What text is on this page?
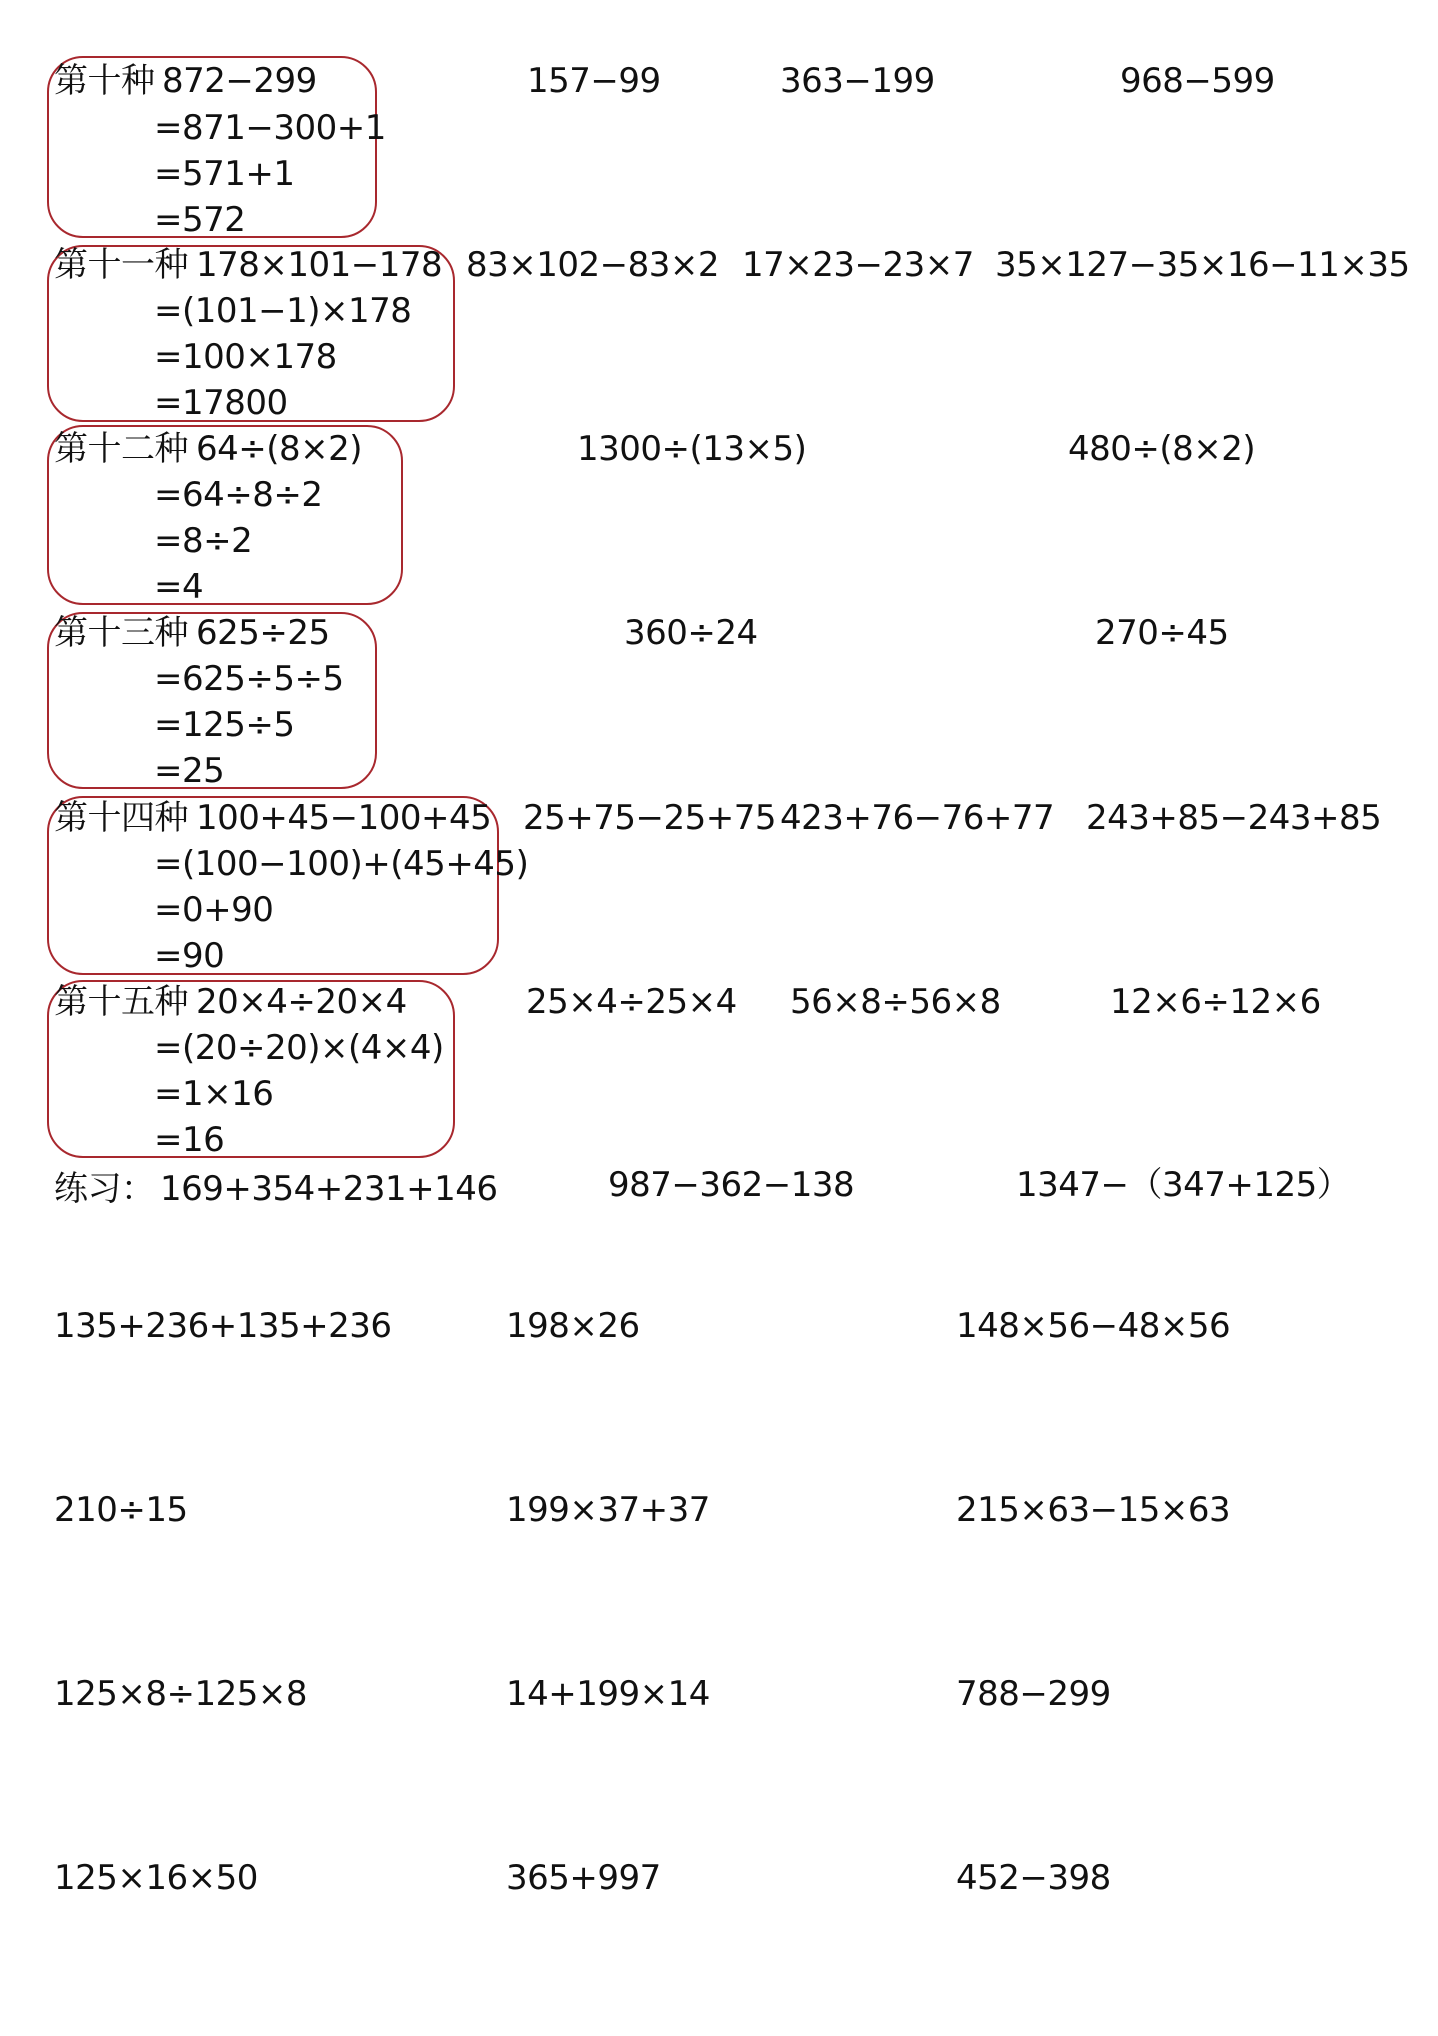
第十种 872−299
=871−300+1
=571+1
=572
157−99	363−199	968−599
第十一种 178×101−178
=(101−1)×178
=100×178
=17800
83×102−83×2 17×23−23×7 35×127−35×16−11×35
第十二种 64÷(8×2)
=64÷8÷2
=8÷2
=4
1300÷(13×5)	480÷(8×2)
第十三种 625÷25
=625÷5÷5
=125÷5
=25
360÷24	270÷45
第十四种 100+45−100+45
=(100−100)+(45+45)
=0+90
=90
25+75−25+75 423+76−76+77 243+85−243+85
第十五种 20×4÷20×4
=(20÷20)×(4×4)
=1×16
=16
25×4÷25×4 56×8÷56×8	12×6÷12×6
练习： 169+354+231+146	987−362−138	1347−（347+125）
135+236+135+236	198×26	148×56−48×56
210÷15	199×37+37	215×63−15×63
125×8÷125×8	14+199×14	788−299
125×16×50	365+997	452−398
